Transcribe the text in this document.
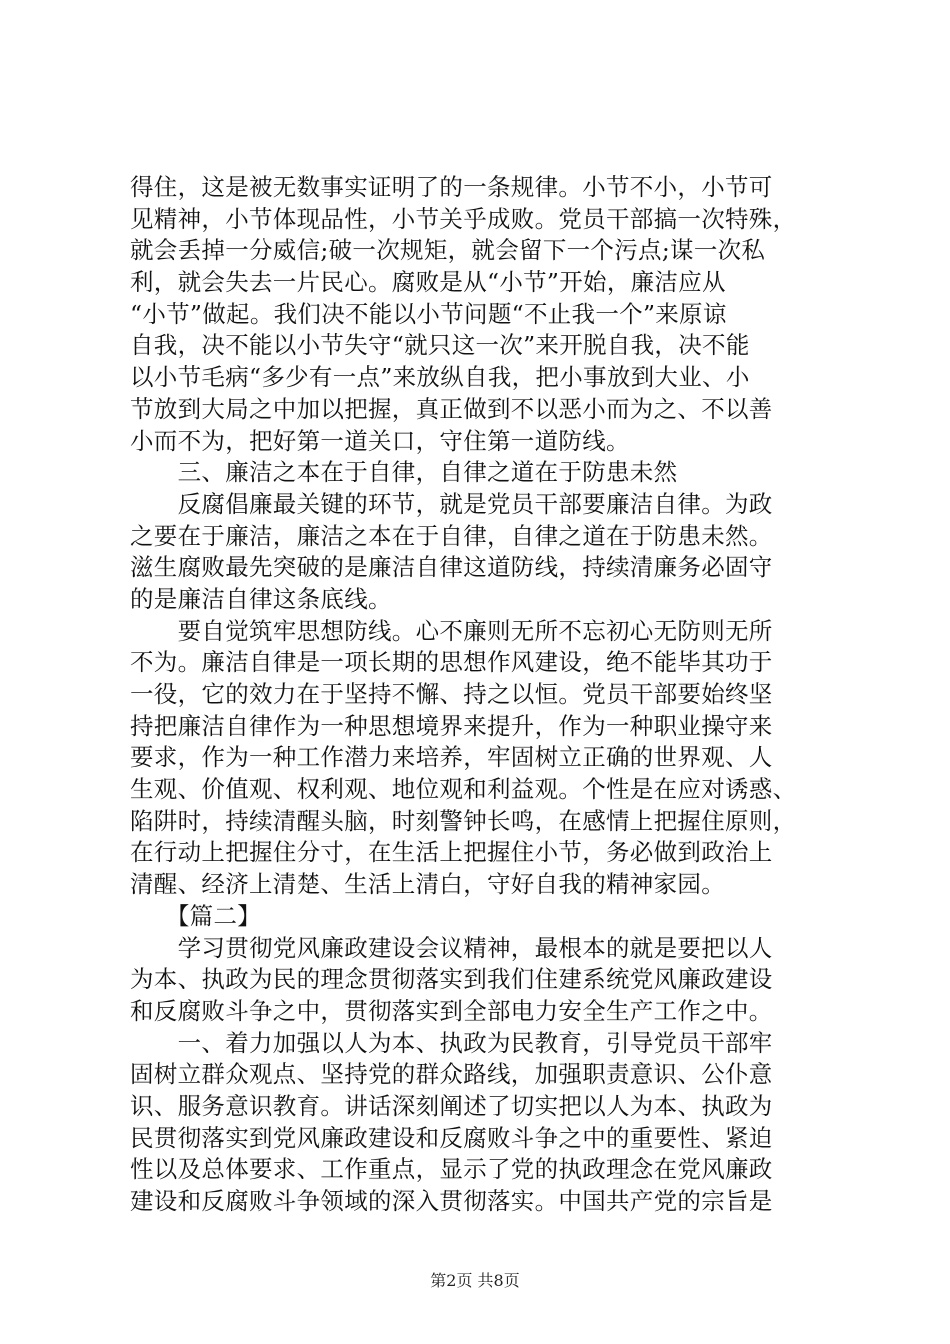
得住，这是被无数事实证明了的一条规律。小节不小，小节可
见精神，小节体现品性，小节关乎成败。党员干部搞一次特殊，
就会丢掉一分威信;破一次规矩，就会留下一个污点;谋一次私
利，就会失去一片民心。腐败是从“小节”开始，廉洁应从
“小节”做起。我们决不能以小节问题“不止我一个”来原谅
自我，决不能以小节失守“就只这一次”来开脱自我，决不能
以小节毛病“多少有一点”来放纵自我，把小事放到大业、小
节放到大局之中加以把握，真正做到不以恶小而为之、不以善
小而不为，把好第一道关口，守住第一道防线。
　　三、廉洁之本在于自律，自律之道在于防患未然
　　反腐倡廉最关键的环节，就是党员干部要廉洁自律。为政
之要在于廉洁，廉洁之本在于自律，自律之道在于防患未然。
滋生腐败最先突破的是廉洁自律这道防线，持续清廉务必固守
的是廉洁自律这条底线。
　　要自觉筑牢思想防线。心不廉则无所不忘初心无防则无所
不为。廉洁自律是一项长期的思想作风建设，绝不能毕其功于
一役，它的效力在于坚持不懈、持之以恒。党员干部要始终坚
持把廉洁自律作为一种思想境界来提升，作为一种职业操守来
要求，作为一种工作潜力来培养，牢固树立正确的世界观、人
生观、价值观、权利观、地位观和利益观。个性是在应对诱惑、
陷阱时，持续清醒头脑，时刻警钟长鸣，在感情上把握住原则，
在行动上把握住分寸，在生活上把握住小节，务必做到政治上
清醒、经济上清楚、生活上清白，守好自我的精神家园。
　　【篇二】
　　学习贯彻党风廉政建设会议精神，最根本的就是要把以人
为本、执政为民的理念贯彻落实到我们住建系统党风廉政建设
和反腐败斗争之中，贯彻落实到全部电力安全生产工作之中。
　　一、着力加强以人为本、执政为民教育，引导党员干部牢
固树立群众观点、坚持党的群众路线，加强职责意识、公仆意
识、服务意识教育。讲话深刻阐述了切实把以人为本、执政为
民贯彻落实到党风廉政建设和反腐败斗争之中的重要性、紧迫
性以及总体要求、工作重点，显示了党的执政理念在党风廉政
建设和反腐败斗争领域的深入贯彻落实。中国共产党的宗旨是
第2页 共8页
